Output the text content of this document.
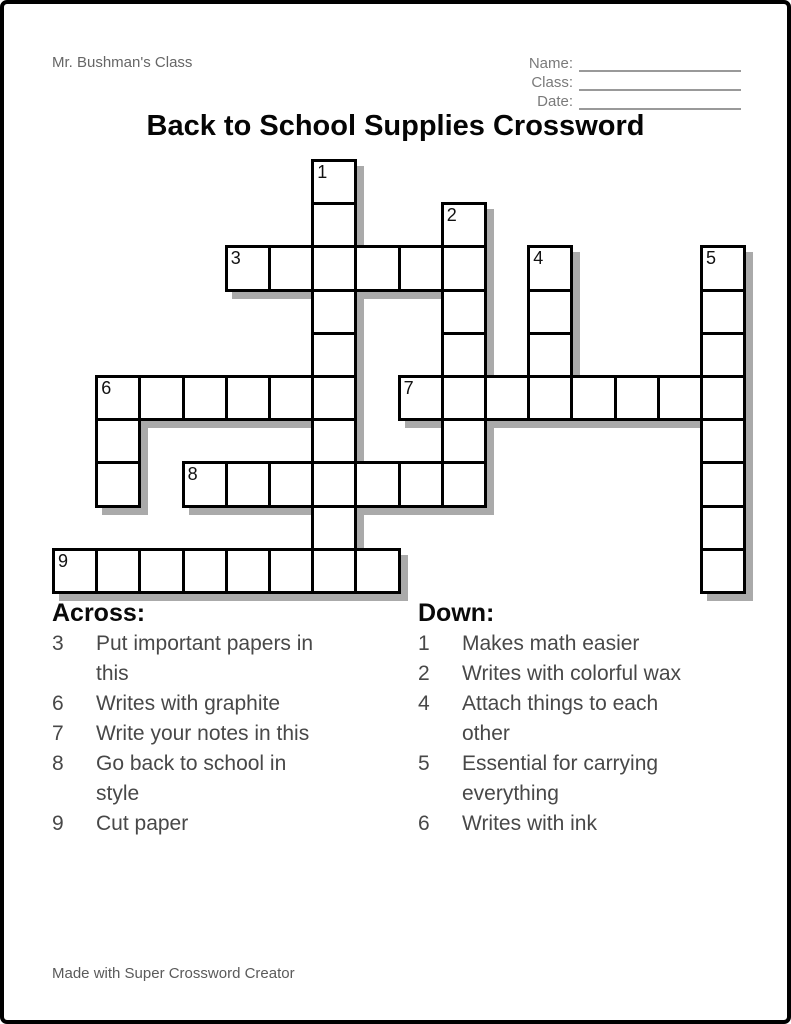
Mr. Bushman's Class	Name:
Class:
Date:
Back to School Supplies Crossword
1
2
3	4	5
6	7
8
9
Across:
3	Put important papers in this
6	Writes with graphite
7	Write your notes in this
8	Go back to school in style
9	Cut paper
Down:
1	Makes math easier
2	Writes with colorful wax
4	Attach things to each other
5	Essential for carrying everything
6	Writes with ink
Made with Super Crossword Creator
